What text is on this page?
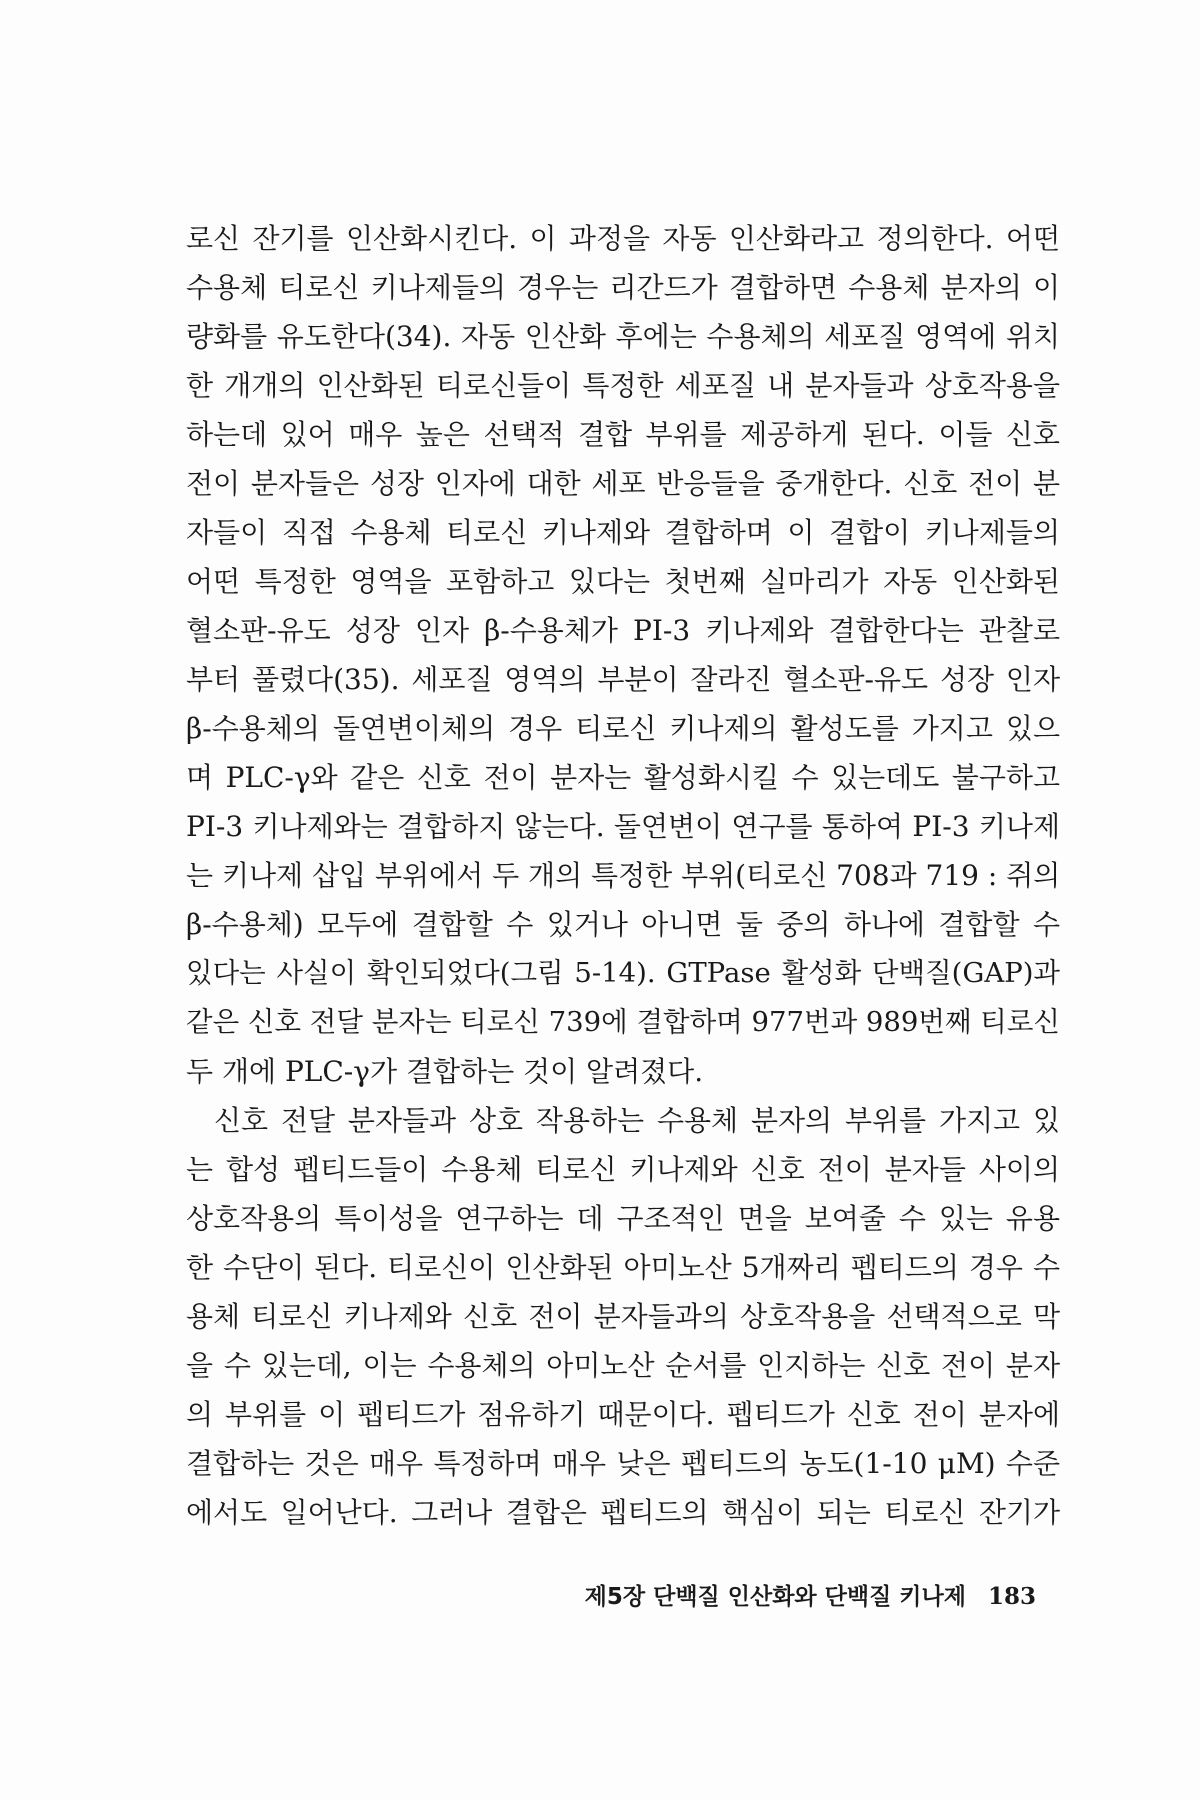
로신 잔기를 인산화시킨다. 이 과정을 자동 인산화라고 정의한다. 어떤
수용체 티로신 키나제들의 경우는 리간드가 결합하면 수용체 분자의 이
량화를 유도한다(34). 자동 인산화 후에는 수용체의 세포질 영역에 위치
한 개개의 인산화된 티로신들이 특정한 세포질 내 분자들과 상호작용을
하는데 있어 매우 높은 선택적 결합 부위를 제공하게 된다. 이들 신호
전이 분자들은 성장 인자에 대한 세포 반응들을 중개한다. 신호 전이 분
자들이 직접 수용체 티로신 키나제와 결합하며 이 결합이 키나제들의
어떤 특정한 영역을 포함하고 있다는 첫번째 실마리가 자동 인산화된
혈소판-유도 성장 인자 β-수용체가 PI-3 키나제와 결합한다는 관찰로
부터 풀렸다(35). 세포질 영역의 부분이 잘라진 혈소판-유도 성장 인자
β-수용체의 돌연변이체의 경우 티로신 키나제의 활성도를 가지고 있으
며 PLC-γ와 같은 신호 전이 분자는 활성화시킬 수 있는데도 불구하고
PI-3 키나제와는 결합하지 않는다. 돌연변이 연구를 통하여 PI-3 키나제
는 키나제 삽입 부위에서 두 개의 특정한 부위(티로신 708과 719 : 쥐의
β-수용체) 모두에 결합할 수 있거나 아니면 둘 중의 하나에 결합할 수
있다는 사실이 확인되었다(그림 5-14). GTPase 활성화 단백질(GAP)과
같은 신호 전달 분자는 티로신 739에 결합하며 977번과 989번째 티로신
두 개에 PLC-γ가 결합하는 것이 알려졌다.
신호 전달 분자들과 상호 작용하는 수용체 분자의 부위를 가지고 있
는 합성 펩티드들이 수용체 티로신 키나제와 신호 전이 분자들 사이의
상호작용의 특이성을 연구하는 데 구조적인 면을 보여줄 수 있는 유용
한 수단이 된다. 티로신이 인산화된 아미노산 5개짜리 펩티드의 경우 수
용체 티로신 키나제와 신호 전이 분자들과의 상호작용을 선택적으로 막
을 수 있는데, 이는 수용체의 아미노산 순서를 인지하는 신호 전이 분자
의 부위를 이 펩티드가 점유하기 때문이다. 펩티드가 신호 전이 분자에
결합하는 것은 매우 특정하며 매우 낮은 펩티드의 농도(1-10 μM) 수준
에서도 일어난다. 그러나 결합은 펩티드의 핵심이 되는 티로신 잔기가
제5장 단백질 인산화와 단백질 키나제 183
